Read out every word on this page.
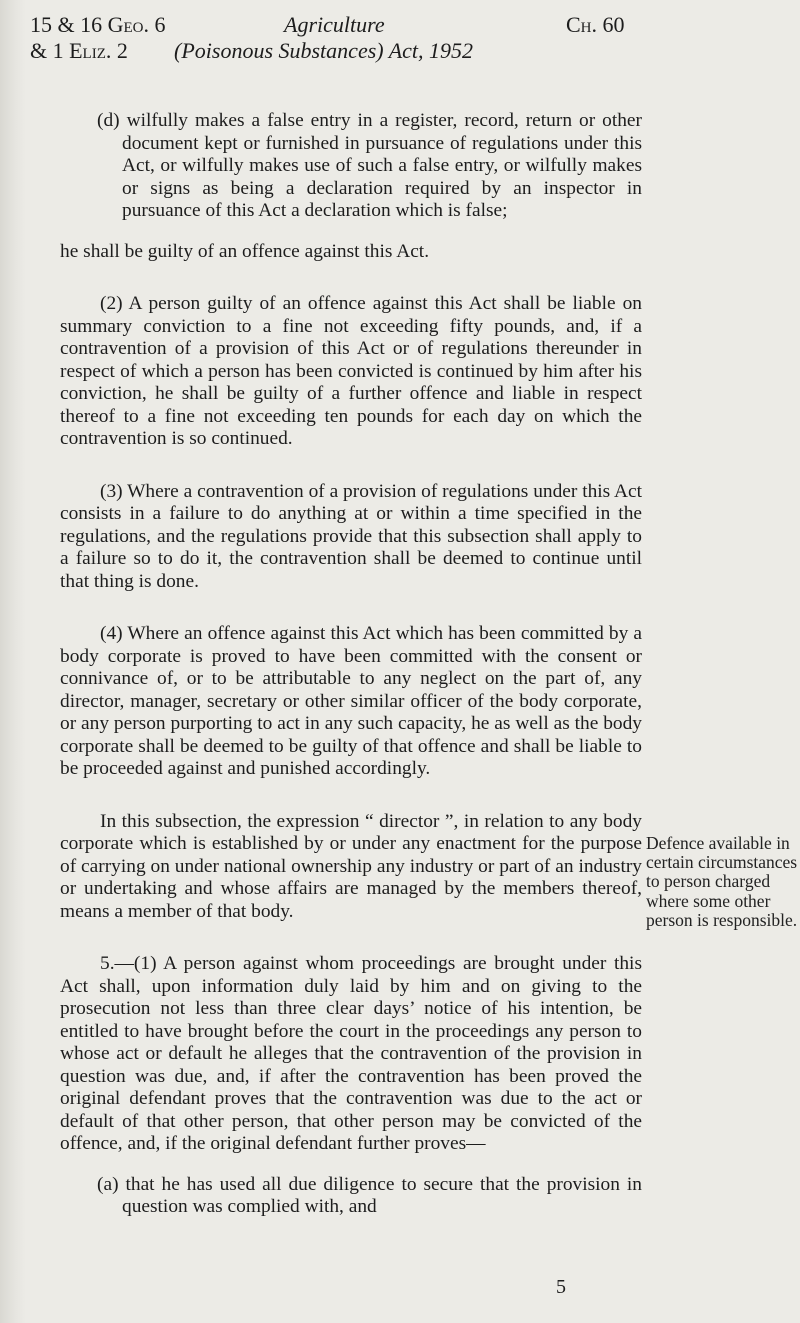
15 & 16 Geo. 6	Agriculture	Ch. 60
& 1 Eliz. 2 (Poisonous Substances) Act, 1952

(d) wilfully makes a false entry in a register, record, return or other document kept or furnished in pursuance of regulations under this Act, or wilfully makes use of such a false entry, or wilfully makes or signs as being a declaration required by an inspector in pursuance of this Act a declaration which is false;

he shall be guilty of an offence against this Act.

(2) A person guilty of an offence against this Act shall be liable on summary conviction to a fine not exceeding fifty pounds, and, if a contravention of a provision of this Act or of regulations thereunder in respect of which a person has been convicted is continued by him after his conviction, he shall be guilty of a further offence and liable in respect thereof to a fine not exceeding ten pounds for each day on which the contravention is so continued.

(3) Where a contravention of a provision of regulations under this Act consists in a failure to do anything at or within a time specified in the regulations, and the regulations provide that this subsection shall apply to a failure so to do it, the contravention shall be deemed to continue until that thing is done.

(4) Where an offence against this Act which has been committed by a body corporate is proved to have been committed with the consent or connivance of, or to be attributable to any neglect on the part of, any director, manager, secretary or other similar officer of the body corporate, or any person purporting to act in any such capacity, he as well as the body corporate shall be deemed to be guilty of that offence and shall be liable to be proceeded against and punished accordingly.

In this subsection, the expression “ director ”, in relation to any body corporate which is established by or under any enactment for the purpose of carrying on under national ownership any industry or part of an industry or undertaking and whose affairs are managed by the members thereof, means a member of that body.

5.—(1) A person against whom proceedings are brought under this Act shall, upon information duly laid by him and on giving to the prosecution not less than three clear days’ notice of his intention, be entitled to have brought before the court in the proceedings any person to whose act or default he alleges that the contravention of the provision in question was due, and, if after the contravention has been proved the original defendant proves that the contravention was due to the act or default of that other person, that other person may be convicted of the offence, and, if the original defendant further proves—

(a) that he has used all due diligence to secure that the provision in question was complied with, and

Defence available in certain circumstances to person charged where some other person is responsible.
5
